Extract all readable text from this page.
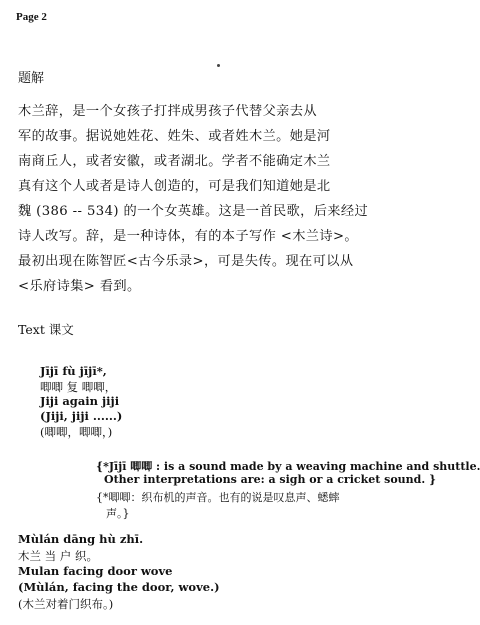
Page 2
题解
木兰辞，是一个女孩子打拌成男孩子代替父亲去从
军的故事。据说她姓花、姓朱、或者姓木兰。她是河
南商丘人，或者安徽，或者湖北。学者不能确定木兰
真有这个人或者是诗人创造的，可是我们知道她是北
魏 (386 -- 534) 的一个女英雄。这是一首民歌，后来经过
诗人改写。辞，是一种诗体，有的本子写作 <木兰诗>。
最初出现在陈智匠<古今乐录>，可是失传。现在可以从
<乐府诗集> 看到。
Text 课文
Jījī fù jījī*,
唧唧 复 唧唧，
Jiji again jiji
(Jiji, jiji ......)
(唧唧，唧唧，)
{*Jījī 唧唧 : is a sound made by a weaving machine and shuttle.
Other interpretations are: a sigh or a cricket sound. }
{*唧唧：织布机的声音。也有的说是叹息声、蟋蟀
声。}
Mùlán dāng hù zhī.
木兰 当 户 织。
Mulan facing door wove
(Mùlán, facing the door, wove.)
(木兰对着门织布。)
